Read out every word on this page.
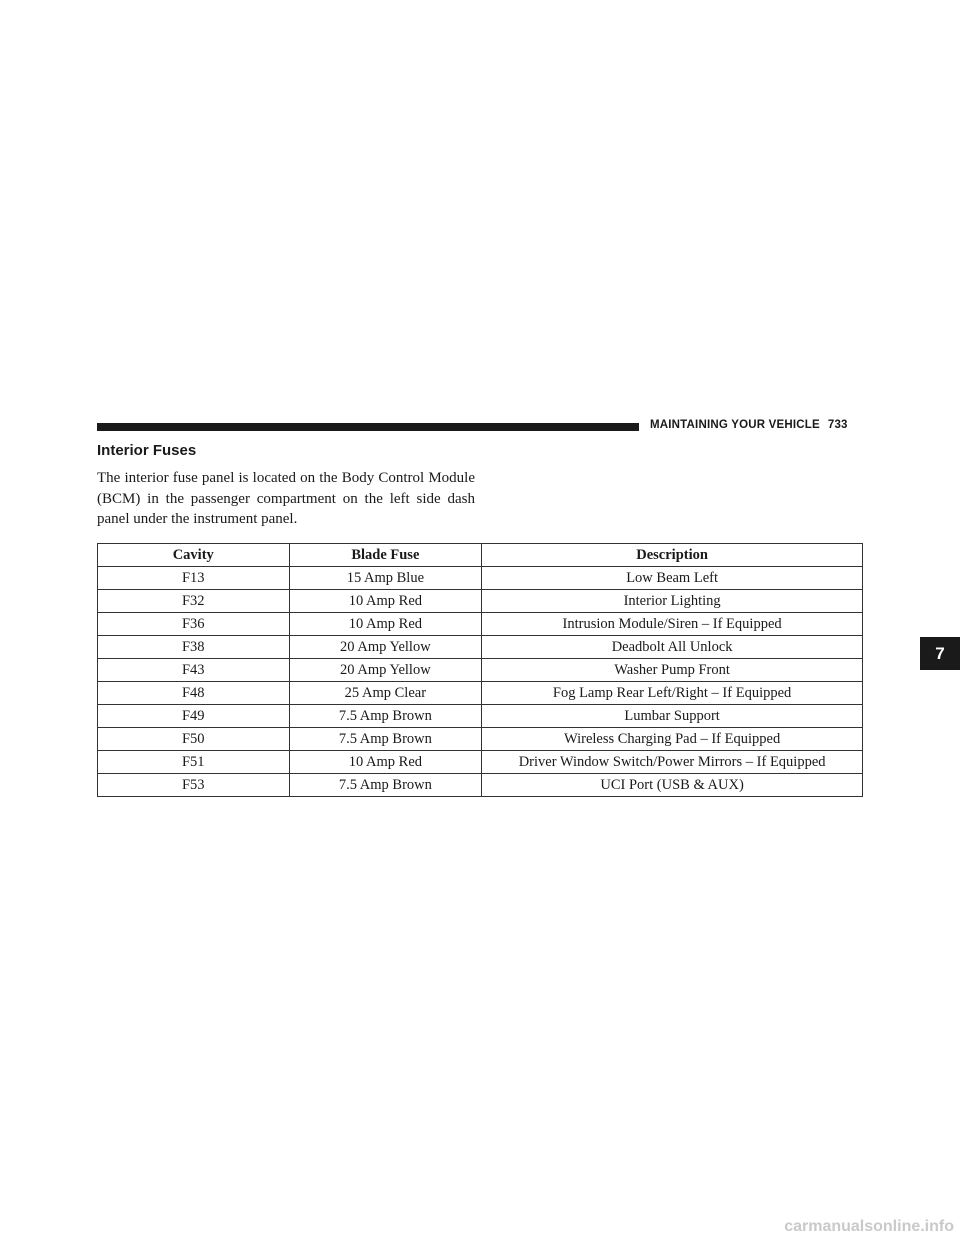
MAINTAINING YOUR VEHICLE 733
7
Interior Fuses
The interior fuse panel is located on the Body Control Module (BCM) in the passenger compartment on the left side dash panel under the instrument panel.
Cavity	Blade Fuse	Description
F13	15 Amp Blue	Low Beam Left
F32	10 Amp Red	Interior Lighting
F36	10 Amp Red	Intrusion Module/Siren – If Equipped
F38	20 Amp Yellow	Deadbolt All Unlock
F43	20 Amp Yellow	Washer Pump Front
F48	25 Amp Clear	Fog Lamp Rear Left/Right – If Equipped
F49	7.5 Amp Brown	Lumbar Support
F50	7.5 Amp Brown	Wireless Charging Pad – If Equipped
F51	10 Amp Red	Driver Window Switch/Power Mirrors – If Equipped
F53	7.5 Amp Brown	UCI Port (USB & AUX)
carmanualsonline.info
